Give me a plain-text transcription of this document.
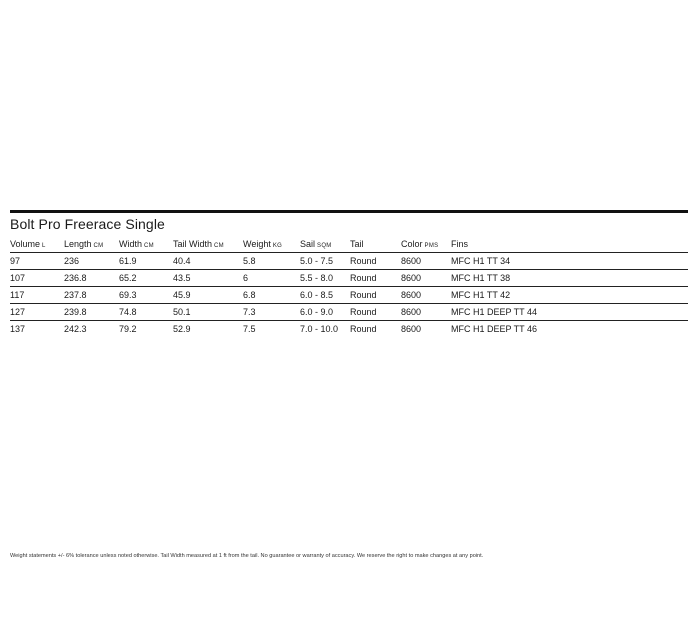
Bolt Pro Freerace Single
Volume L	Length CM	Width CM	Tail Width CM	Weight KG	Sail SQM	Tail	Color PMS	Fins
97	236	61.9	40.4	5.8	5.0 - 7.5	Round	8600	MFC H1 TT 34
107	236.8	65.2	43.5	6	5.5 - 8.0	Round	8600	MFC H1 TT 38
117	237.8	69.3	45.9	6.8	6.0 - 8.5	Round	8600	MFC H1 TT 42
127	239.8	74.8	50.1	7.3	6.0 - 9.0	Round	8600	MFC H1 DEEP TT 44
137	242.3	79.2	52.9	7.5	7.0 - 10.0	Round	8600	MFC H1 DEEP TT 46
Weight statements +/- 6% tolerance unless noted otherwise. Tail Width measured at 1 ft from the tail. No guarantee or warranty of accuracy. We reserve the right to make changes at any point.
